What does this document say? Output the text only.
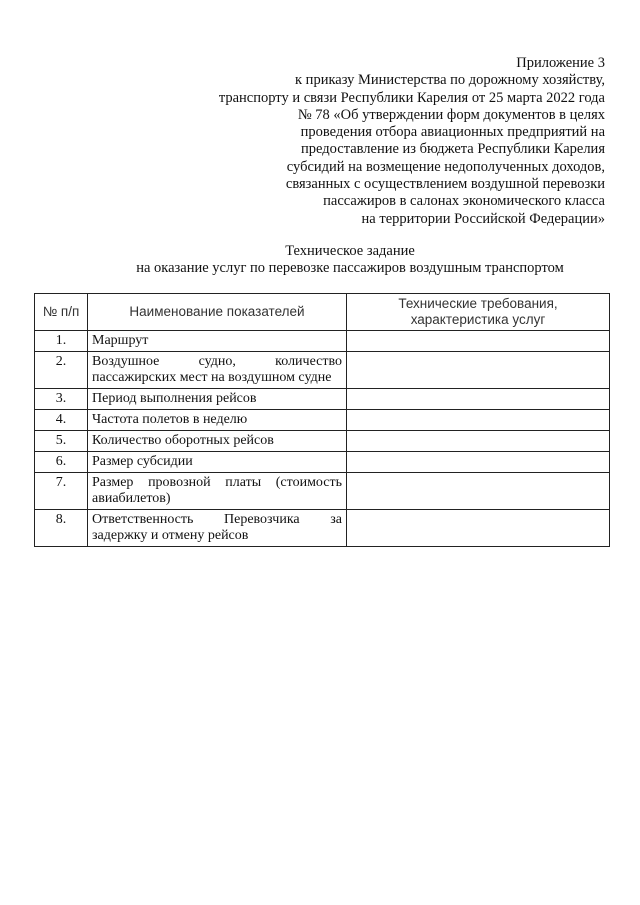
Приложение 3
к приказу Министерства по дорожному хозяйству,
транспорту и связи Республики Карелия от 25 марта 2022 года
№ 78 «Об утверждении форм документов в целях
проведения отбора авиационных предприятий на
предоставление из бюджета Республики Карелия
субсидий на возмещение недополученных доходов,
связанных с осуществлением воздушной перевозки
пассажиров в салонах экономического класса
на территории Российской Федерации»
Техническое задание
на оказание услуг по перевозке пассажиров воздушным транспортом
№ п/п	Наименование показателей	Технические требования, характеристика услуг
1.	Маршрут	
2.	Воздушное судно, количество пассажирских мест на воздушном судне	
3.	Период выполнения рейсов	
4.	Частота полетов в неделю	
5.	Количество оборотных рейсов	
6.	Размер субсидии	
7.	Размер провозной платы (стоимость авиабилетов)	
8.	Ответственность Перевозчика за задержку и отмену рейсов	
